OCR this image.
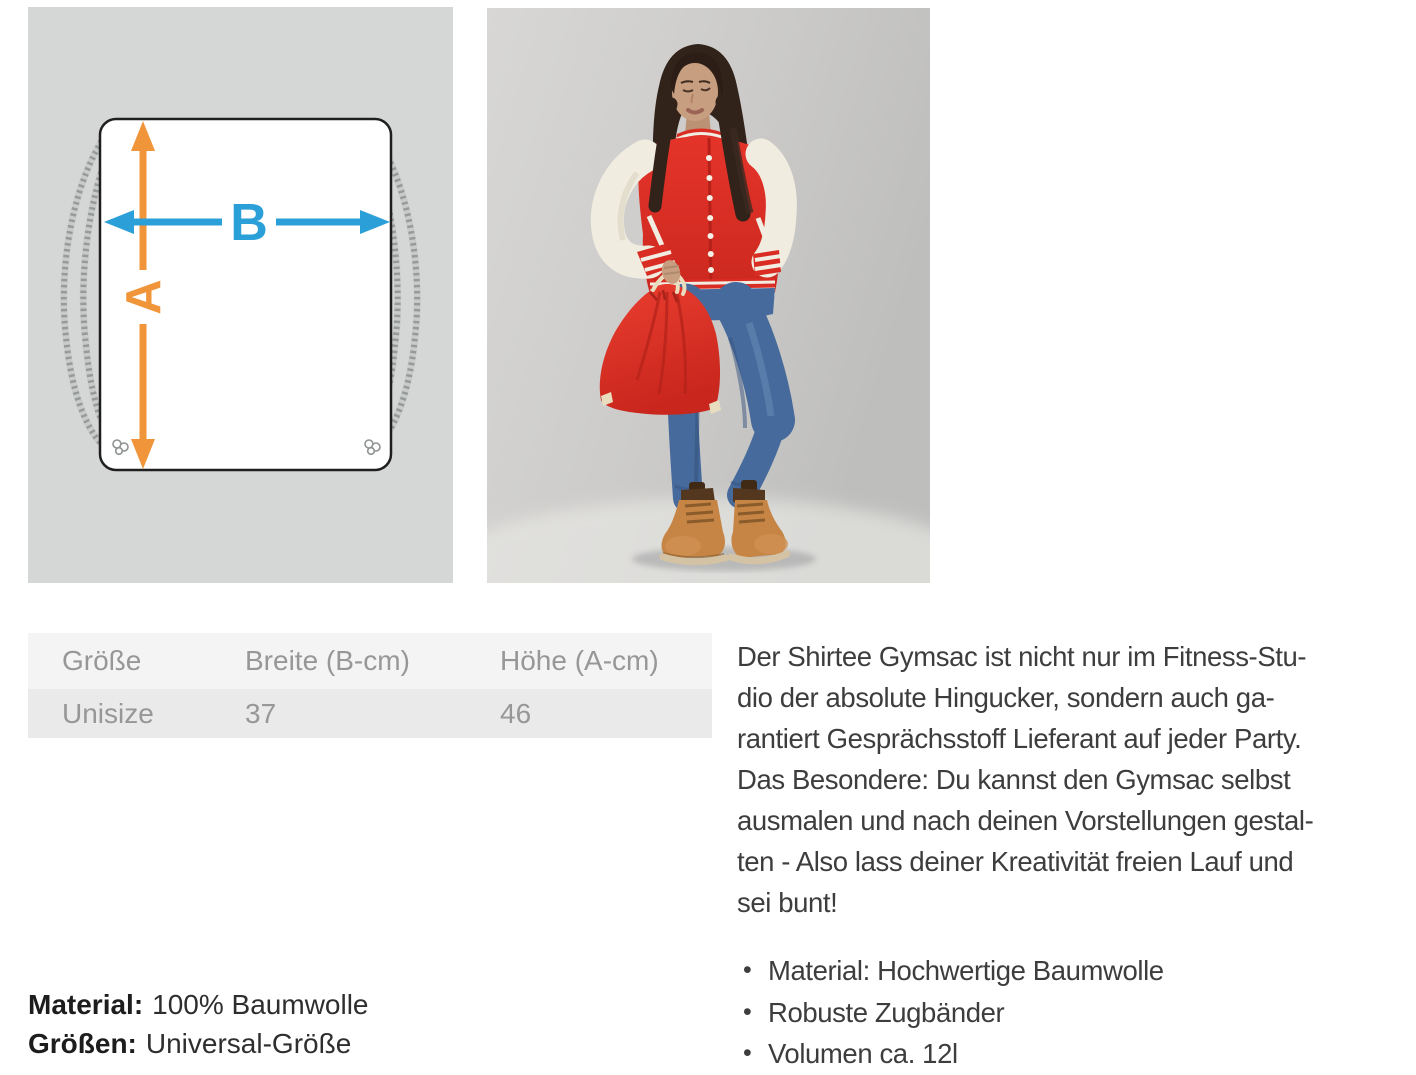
A
B
Größe	Breite (B-cm)	Höhe (A-cm)
Unisize	37	46
Der Shirtee Gymsac ist nicht nur im Fitness-Stu-
dio der absolute Hingucker, sondern auch ga-
rantiert Gesprächsstoff Lieferant auf jeder Party.
Das Besondere: Du kannst den Gymsac selbst
ausmalen und nach deinen Vorstellungen gestal-
ten - Also lass deiner Kreativität freien Lauf und
sei bunt!
• Material: Hochwertige Baumwolle
• Robuste Zugbänder
• Volumen ca. 12l
Material: 100% Baumwolle
Größen: Universal-Größe
